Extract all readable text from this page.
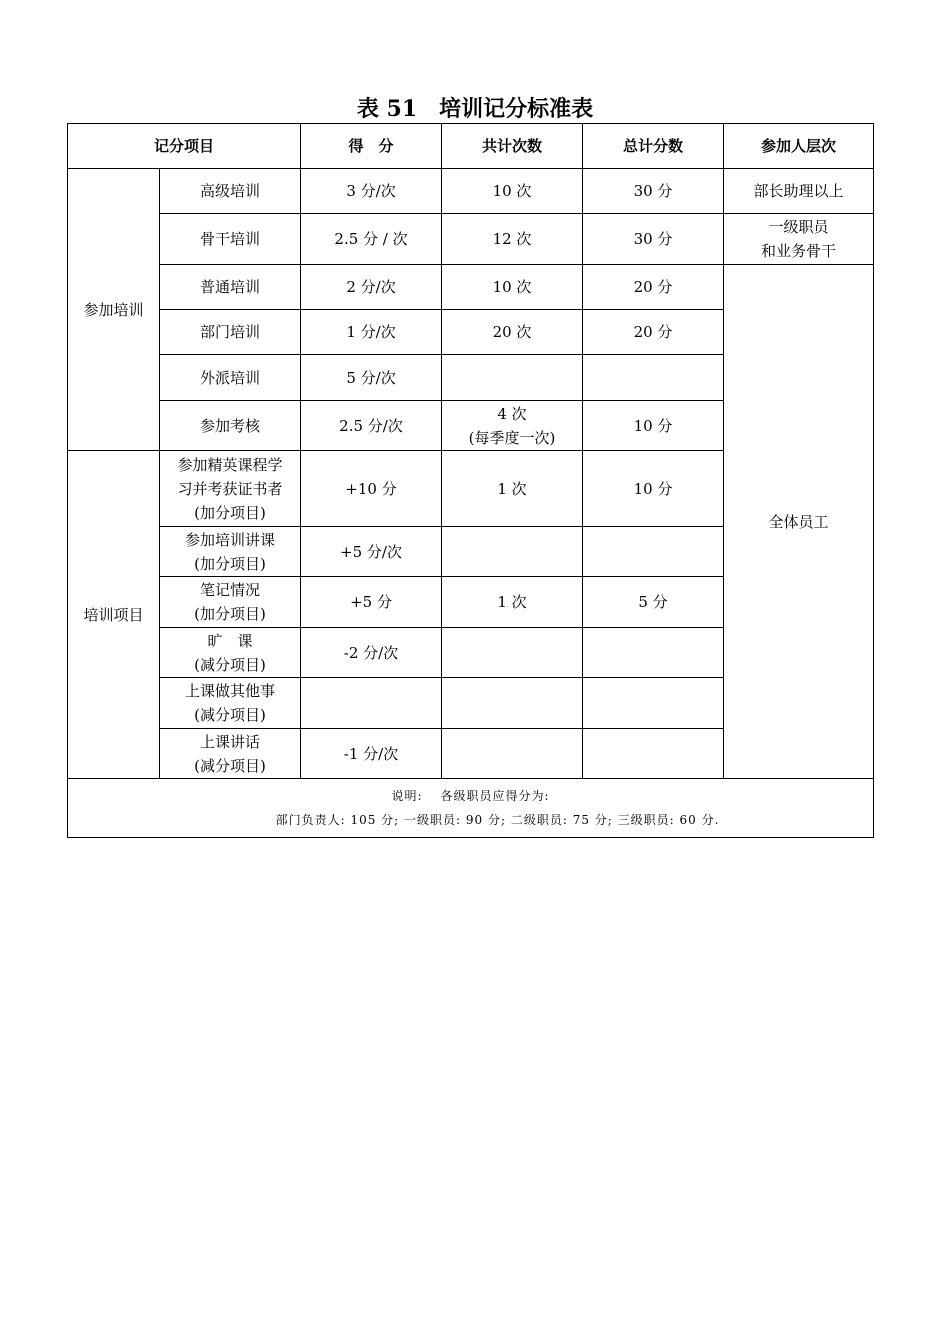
表 51　培训记分标准表
记分项目		得　分	共计次数	总计分数	参加人层次
参加培训	高级培训	3 分/次	10 次	30 分	部长助理以上
	骨干培训	2.5 分 / 次	12 次	30 分	一级职员
和业务骨干

	普通培训	2 分/次	10 次	20 分	全体员工
	部门培训	1 分/次	20 次	20 分	
	外派培训	5 分/次			
	参加考核	2.5 分/次	4 次
(每季度一次)	10 分	
培训项目	参加精英课程学
习并考获证书者
(加分项目)	+10 分	1 次	10 分	

	参加培训讲课
(加分项目)	+5 分/次			

	笔记情况
(加分项目)	+5 分	1 次	5 分	

	旷　课
(减分项目)	-2 分/次			

	上课做其他事
(减分项目)				

	上课讲话
(减分项目)	-1 分/次			
说明: 各级职员应得分为:
部门负责人: 105 分; 一级职员: 90 分; 二级职员: 75 分; 三级职员: 60 分.					
